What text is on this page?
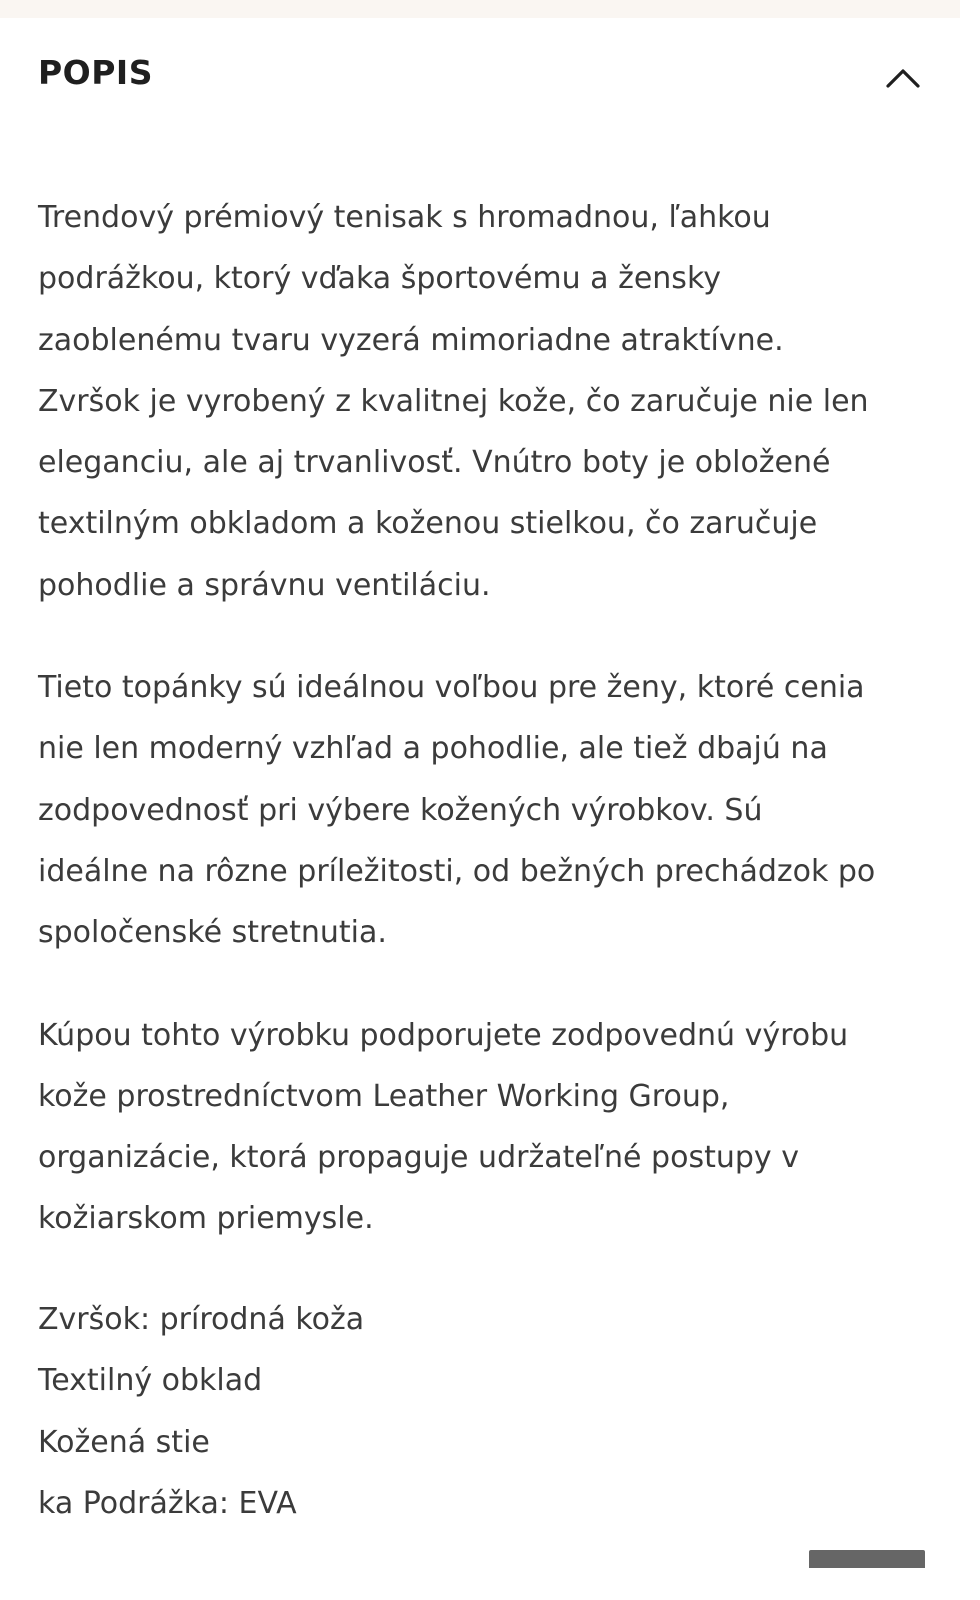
POPIS

Trendový prémiový tenisak s hromadnou, ľahkou
podrážkou, ktorý vďaka športovému a žensky
zaoblenému tvaru vyzerá mimoriadne atraktívne.
Zvršok je vyrobený z kvalitnej kože, čo zaručuje nie len
eleganciu, ale aj trvanlivosť. Vnútro boty je obložené
textilným obkladom a koženou stielkou, čo zaručuje
pohodlie a správnu ventiláciu.

Tieto topánky sú ideálnou voľbou pre ženy, ktoré cenia
nie len moderný vzhľad a pohodlie, ale tiež dbajú na
zodpovednosť pri výbere kožených výrobkov. Sú
ideálne na rôzne príležitosti, od bežných prechádzok po
spoločenské stretnutia.

Kúpou tohto výrobku podporujete zodpovednú výrobu
kože prostredníctvom Leather Working Group,
organizácie, ktorá propaguje udržateľné postupy v
kožiarskom priemysle.

Zvršok: prírodná koža
Textilný obklad
Kožená stie
ka Podrážka: EVA
